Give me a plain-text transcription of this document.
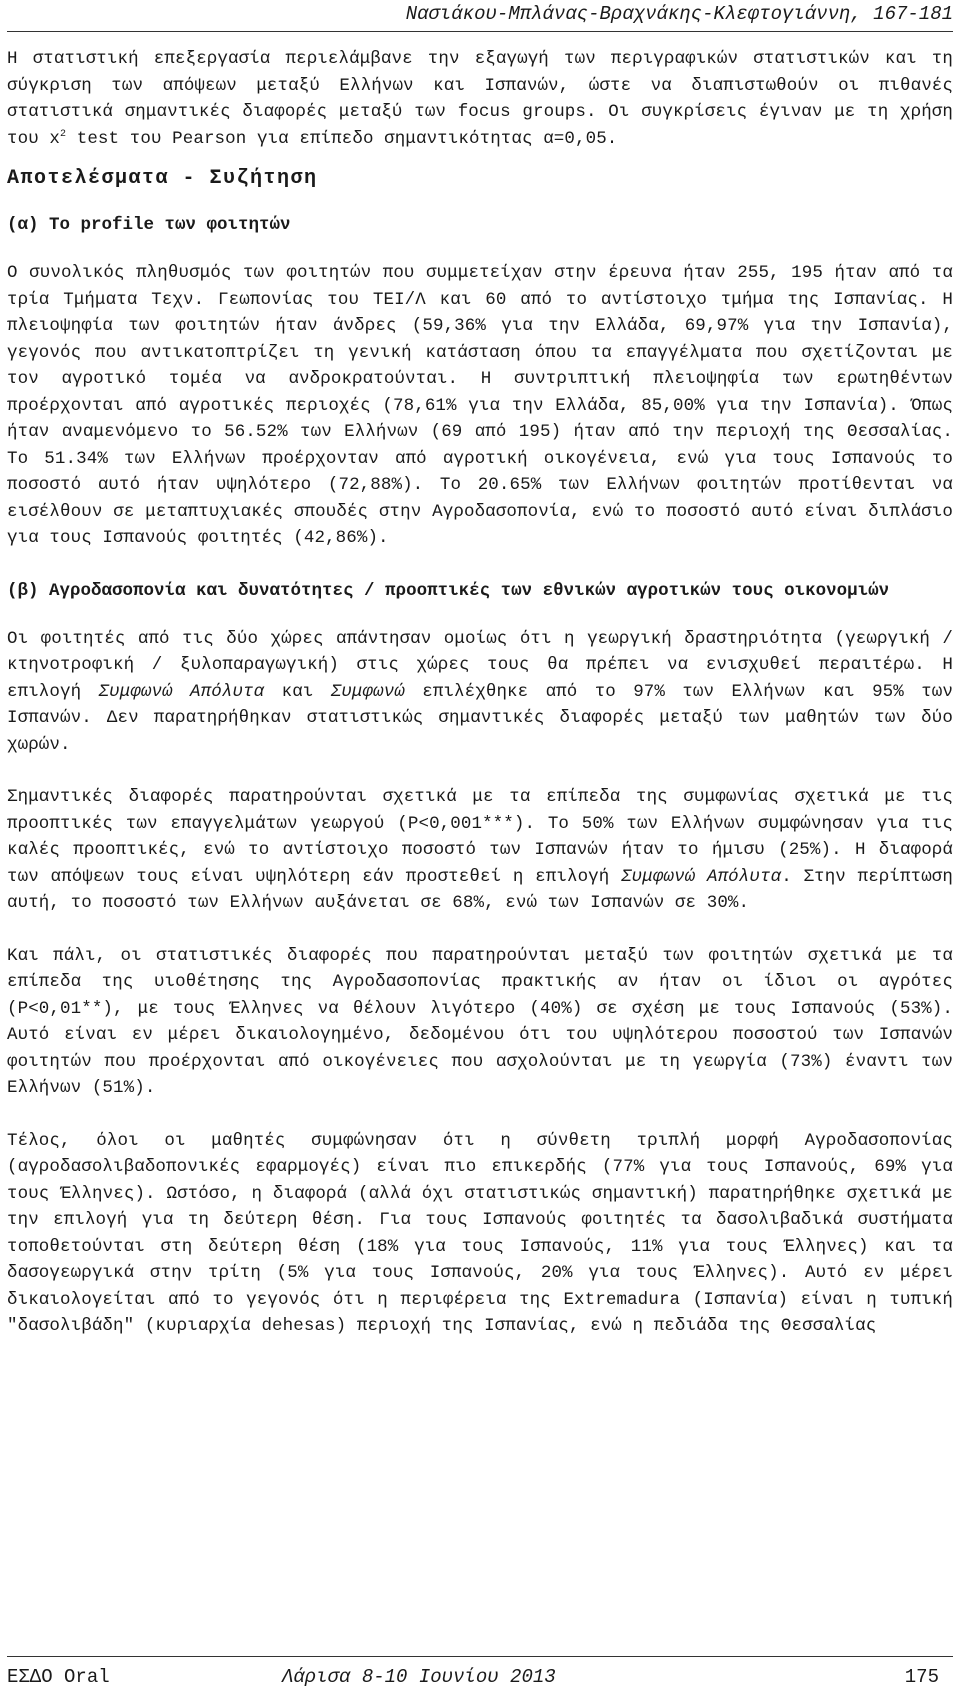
Νασιάκου-Μπλάνας-Βραχνάκης-Κλεφτογιάννη, 167-181

Η στατιστική επεξεργασία περιελάμβανε την εξαγωγή των περιγραφικών στατιστικών και τη σύγκριση των απόψεων μεταξύ Ελλήνων και Ισπανών, ώστε να διαπιστωθούν οι πιθανές στατιστικά σημαντικές διαφορές μεταξύ των focus groups. Οι συγκρίσεις έγιναν με τη χρήση του $x^2$ test του Pearson για επίπεδο σημαντικότητας α=0,05.

Αποτελέσματα - Συζήτηση
(α) Το profile των φοιτητών

Ο συνολικός πληθυσμός των φοιτητών που συμμετείχαν στην έρευνα ήταν 255, 195 ήταν από τα τρία Τμήματα Τεχν. Γεωπονίας του ΤΕΙ/Λ και 60 από το αντίστοιχο τμήμα της Ισπανίας. Η πλειοψηφία των φοιτητών ήταν άνδρες (59,36% για την Ελλάδα, 69,97% για την Ισπανία), γεγονός που αντικατοπτρίζει τη γενική κατάσταση όπου τα επαγγέλματα που σχετίζονται με τον αγροτικό τομέα να ανδροκρατούνται. Η συντριπτική πλειοψηφία των ερωτηθέντων προέρχονται από αγροτικές περιοχές (78,61% για την Ελλάδα, 85,00% για την Ισπανία). Όπως ήταν αναμενόμενο το 56.52% των Ελλήνων (69 από 195) ήταν από την περιοχή της Θεσσαλίας. Το 51.34% των Ελλήνων προέρχονταν από αγροτική οικογένεια, ενώ για τους Ισπανούς το ποσοστό αυτό ήταν υψηλότερο (72,88%). Το 20.65% των Ελλήνων φοιτητών προτίθενται να εισέλθουν σε μεταπτυχιακές σπουδές στην Αγροδασοπονία, ενώ το ποσοστό αυτό είναι διπλάσιο για τους Ισπανούς φοιτητές (42,86%).

(β) Αγροδασοπονία και δυνατότητες / προοπτικές των εθνικών αγροτικών τους οικονομιών

Οι φοιτητές από τις δύο χώρες απάντησαν ομοίως ότι η γεωργική δραστηριότητα (γεωργική / κτηνοτροφική / ξυλοπαραγωγική) στις χώρες τους θα πρέπει να ενισχυθεί περαιτέρω. Η επιλογή Συμφωνώ Απόλυτα και Συμφωνώ επιλέχθηκε από το 97% των Ελλήνων και 95% των Ισπανών. Δεν παρατηρήθηκαν στατιστικώς σημαντικές διαφορές μεταξύ των μαθητών των δύο χωρών.

Σημαντικές διαφορές παρατηρούνται σχετικά με τα επίπεδα της συμφωνίας σχετικά με τις προοπτικές των επαγγελμάτων γεωργού (P<0,001***). Το 50% των Ελλήνων συμφώνησαν για τις καλές προοπτικές, ενώ το αντίστοιχο ποσοστό των Ισπανών ήταν το ήμισυ (25%). Η διαφορά των απόψεων τους είναι υψηλότερη εάν προστεθεί η επιλογή Συμφωνώ Απόλυτα. Στην περίπτωση αυτή, το ποσοστό των Ελλήνων αυξάνεται σε 68%, ενώ των Ισπανών σε 30%.

Και πάλι, οι στατιστικές διαφορές που παρατηρούνται μεταξύ των φοιτητών σχετικά με τα επίπεδα της υιοθέτησης της Αγροδασοπονίας πρακτικής αν ήταν οι ίδιοι οι αγρότες (P<0,01**), με τους Έλληνες να θέλουν λιγότερο (40%) σε σχέση με τους Ισπανούς (53%). Αυτό είναι εν μέρει δικαιολογημένο, δεδομένου ότι του υψηλότερου ποσοστού των Ισπανών φοιτητών που προέρχονται από οικογένειες που ασχολούνται με τη γεωργία (73%) έναντι των Ελλήνων (51%).

Τέλος, όλοι οι μαθητές συμφώνησαν ότι η σύνθετη τριπλή μορφή Αγροδασοπονίας (αγροδασολιβαδοπονικές εφαρμογές) είναι πιο επικερδής (77% για τους Ισπανούς, 69% για τους Έλληνες). Ωστόσο, η διαφορά (αλλά όχι στατιστικώς σημαντική) παρατηρήθηκε σχετικά με την επιλογή για τη δεύτερη θέση. Για τους Ισπανούς φοιτητές τα δασολιβαδικά συστήματα τοποθετούνται στη δεύτερη θέση (18% για τους Ισπανούς, 11% για τους Έλληνες) και τα δασογεωργικά στην τρίτη (5% για τους Ισπανούς, 20% για τους Έλληνες). Αυτό εν μέρει δικαιολογείται από το γεγονός ότι η περιφέρεια της Extremadura (Ισπανία) είναι η τυπική "δασολιβάδη" (κυριαρχία dehesas) περιοχή της Ισπανίας, ενώ η πεδιάδα της Θεσσαλίας

ΕΣΔΟ Oral	Λάρισα 8-10 Ιουνίου 2013	175
